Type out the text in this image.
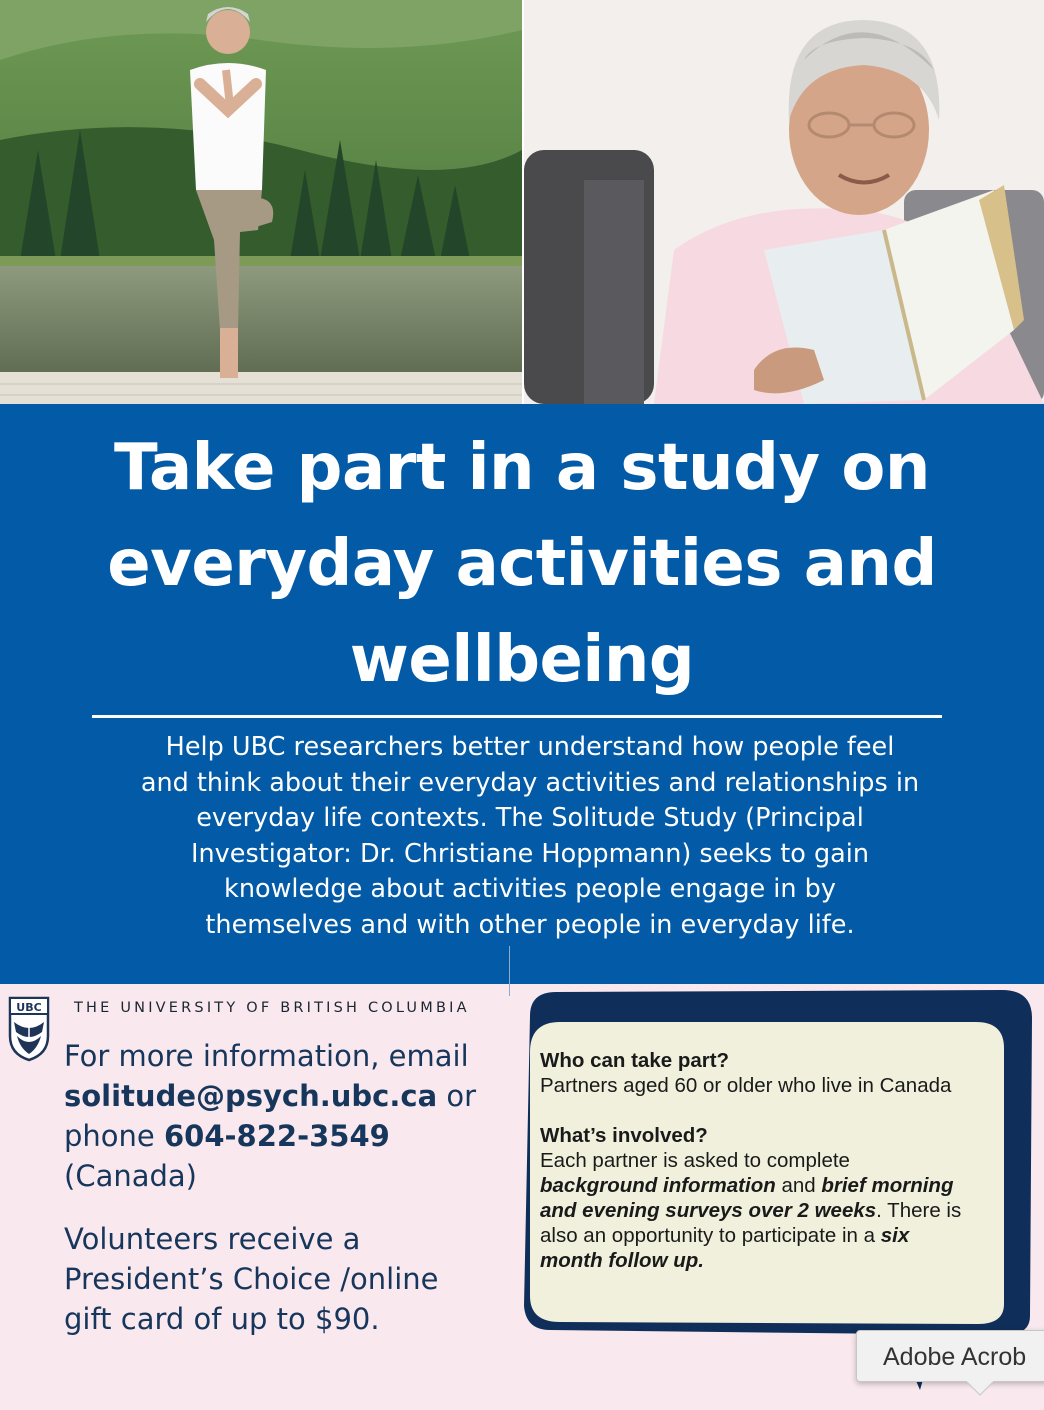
Take part in a study on
everyday activities and
wellbeing

Help UBC researchers better understand how people feel
and think about their everyday activities and relationships in
everyday life contexts. The Solitude Study (Principal
Investigator: Dr. Christiane Hoppmann) seeks to gain
knowledge about activities people engage in by
themselves and with other people in everyday life.

UBC THE UNIVERSITY OF BRITISH COLUMBIA

For more information, email
solitude@psych.ubc.ca or
phone 604-822-3549
(Canada)

Volunteers receive a
President’s Choice /online
gift card of up to $90.

Who can take part?

Partners aged 60 or older who live in Canada

What’s involved?

Each partner is asked to complete
background information and brief morning
and evening surveys over 2 weeks. There is
also an opportunity to participate in a six
month follow up.

Adobe Acrob
